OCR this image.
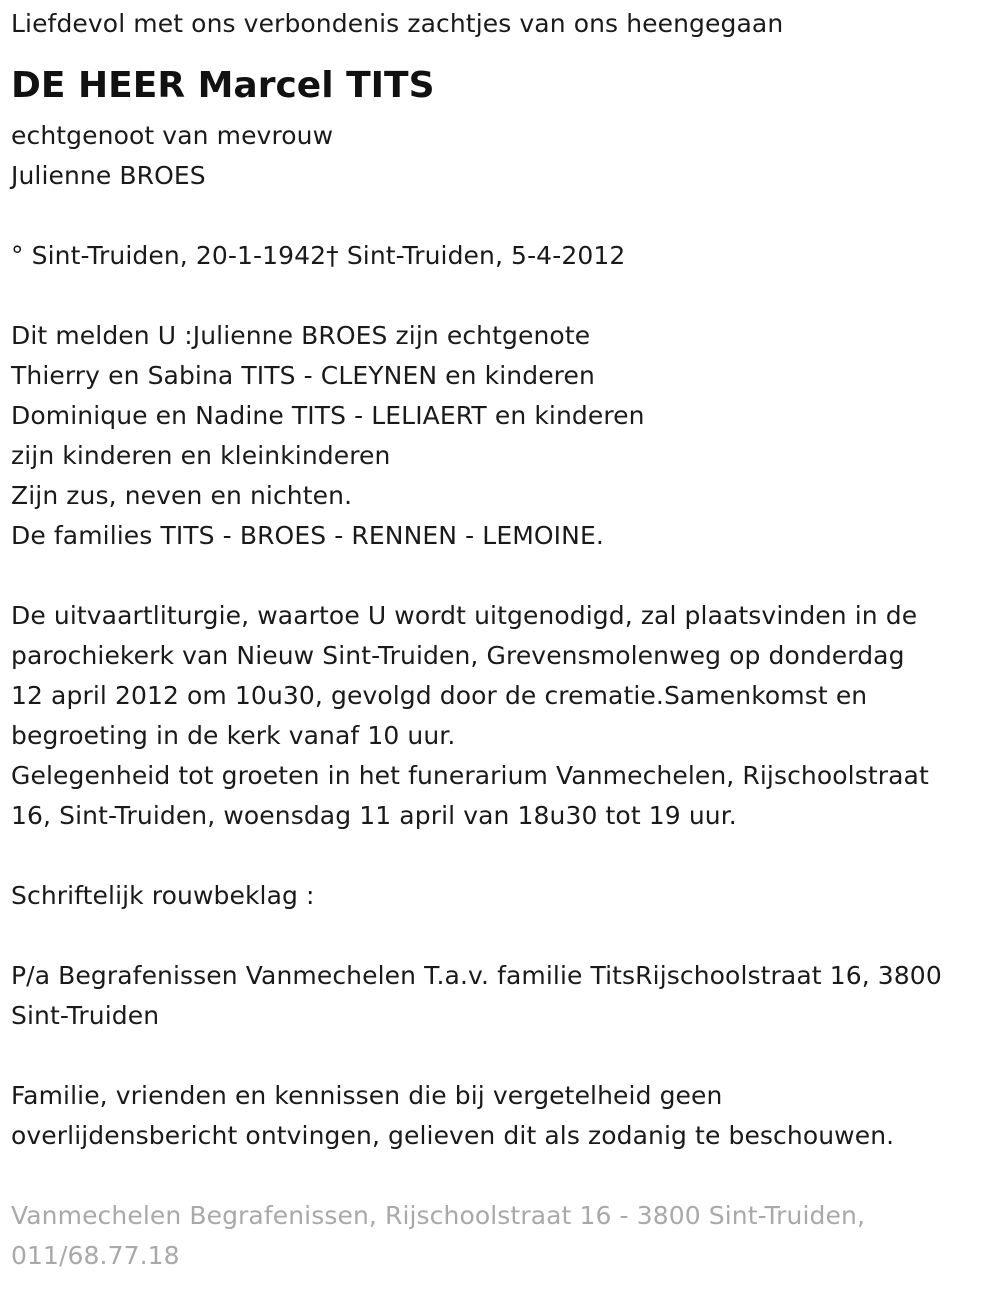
Liefdevol met ons verbondenis zachtjes van ons heengegaan
DE HEER Marcel TITS
echtgenoot van mevrouw
Julienne BROES
° Sint-Truiden, 20-1-1942† Sint-Truiden, 5-4-2012
Dit melden U :Julienne BROES zijn echtgenote
Thierry en Sabina TITS - CLEYNEN en kinderen
Dominique en Nadine TITS - LELIAERT en kinderen
zijn kinderen en kleinkinderen
Zijn zus, neven en nichten.
De families TITS - BROES - RENNEN - LEMOINE.
De uitvaartliturgie, waartoe U wordt uitgenodigd, zal plaatsvinden in de
parochiekerk van Nieuw Sint-Truiden, Grevensmolenweg op donderdag
12 april 2012 om 10u30, gevolgd door de crematie.Samenkomst en
begroeting in de kerk vanaf 10 uur.
Gelegenheid tot groeten in het funerarium Vanmechelen, Rijschoolstraat
16, Sint-Truiden, woensdag 11 april van 18u30 tot 19 uur.
Schriftelijk rouwbeklag :
P/a Begrafenissen Vanmechelen T.a.v. familie TitsRijschoolstraat 16, 3800
Sint-Truiden
Familie, vrienden en kennissen die bij vergetelheid geen
overlijdensbericht ontvingen, gelieven dit als zodanig te beschouwen.
Vanmechelen Begrafenissen, Rijschoolstraat 16 - 3800 Sint-Truiden,
011/68.77.18
